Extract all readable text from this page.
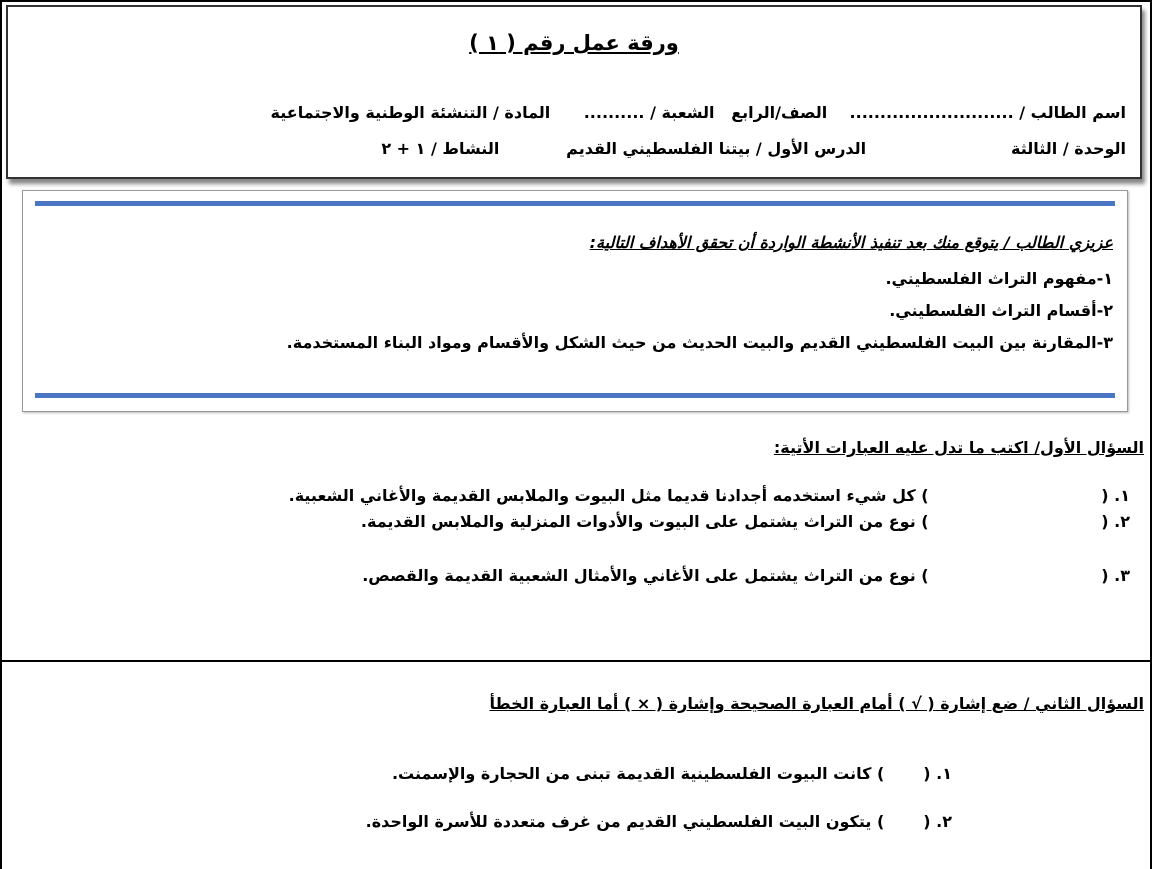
ورقة عمل رقم ( ١ )
اسم الطالب / ...........................    الصف/الرابع   الشعبة / ..........      المادة / التنشئة الوطنية والاجتماعية
الوحدة / الثالثة                          الدرس الأول / بيتنا الفلسطيني القديم            النشاط / ١ + ٢
عزيزي الطالب / يتوقع منك بعد تنفيذ الأنشطة الواردة أن تحقق الأهداف التالية:
١-مفهوم التراث الفلسطيني.
٢-أقسام التراث الفلسطيني.
٣-المقارنة بين البيت الفلسطيني القديم والبيت الحديث من حيث الشكل والأقسام ومواد البناء المستخدمة.
السؤال الأول/ اكتب ما تدل عليه العبارات الأتية:
١. (                               ) كل شيء استخدمه أجدادنا قديما مثل البيوت والملابس القديمة والأغاني الشعبية.
٢. (                               ) نوع من التراث يشتمل على البيوت والأدوات المنزلية والملابس القديمة.
٣. (                               ) نوع من التراث يشتمل على الأغاني والأمثال الشعبية القديمة والقصص.
السؤال الثاني / ضع إشارة ( √ ) أمام العبارة الصحيحة وإشارة ( × ) أما العبارة الخطأ
١. (       ) كانت البيوت الفلسطينية القديمة تبنى من الحجارة والإسمنت.
٢. (       ) يتكون البيت الفلسطيني القديم من غرف متعددة للأسرة الواحدة.
